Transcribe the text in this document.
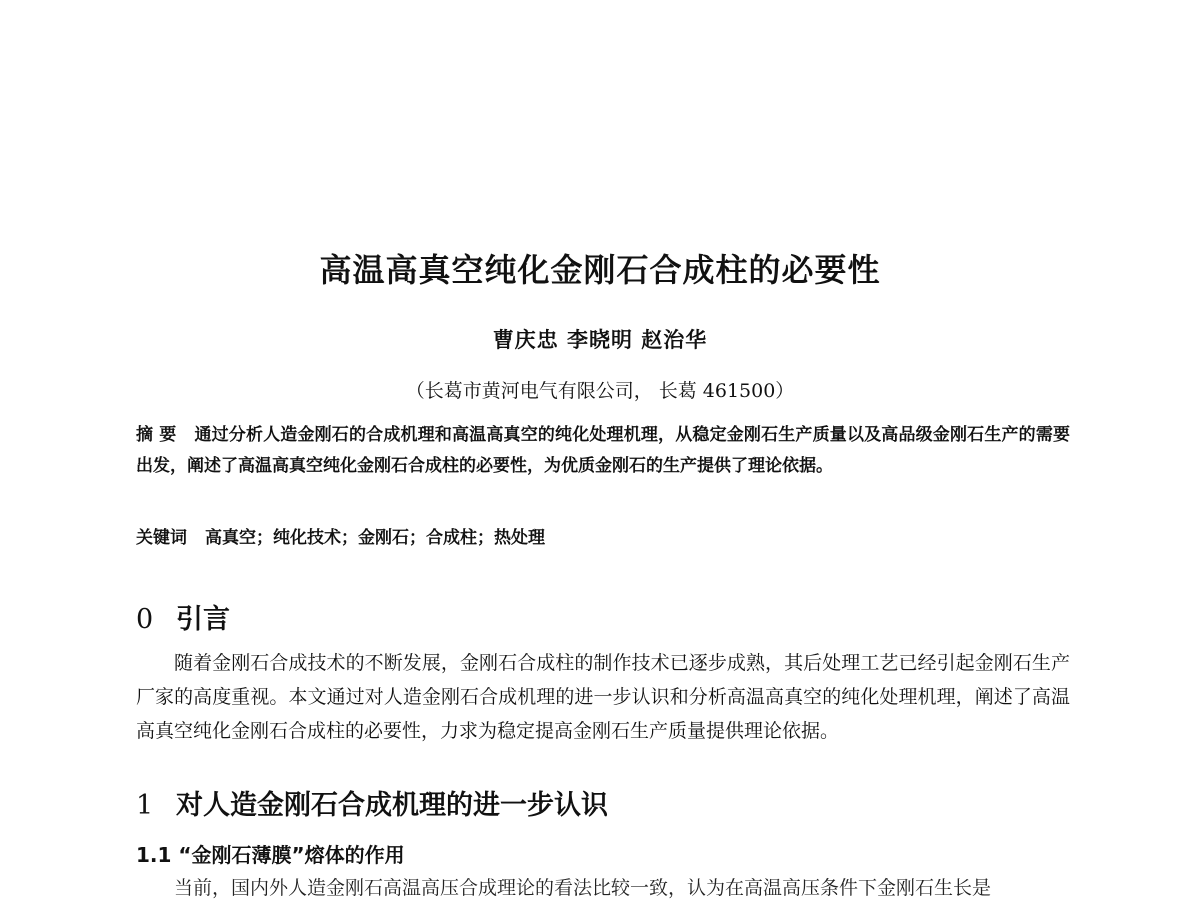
高温高真空纯化金刚石合成柱的必要性
曹庆忠 李晓明 赵治华
（长葛市黄河电气有限公司， 长葛 461500）
摘 要 通过分析人造金刚石的合成机理和高温高真空的纯化处理机理，从稳定金刚石生产质量以及高品级金刚石生产的需要出发，阐述了高温高真空纯化金刚石合成柱的必要性，为优质金刚石的生产提供了理论依据。
关键词 高真空；纯化技术；金刚石；合成柱；热处理
0 引言

随着金刚石合成技术的不断发展，金刚石合成柱的制作技术已逐步成熟，其后处理工艺已经引起金刚石生产厂家的高度重视。本文通过对人造金刚石合成机理的进一步认识和分析高温高真空的纯化处理机理，阐述了高温高真空纯化金刚石合成柱的必要性，力求为稳定提高金刚石生产质量提供理论依据。

1 对人造金刚石合成机理的进一步认识
1.1 “金刚石薄膜”熔体的作用
当前，国内外人造金刚石高温高压合成理论的看法比较一致，认为在高温高压条件下金刚石生长是
